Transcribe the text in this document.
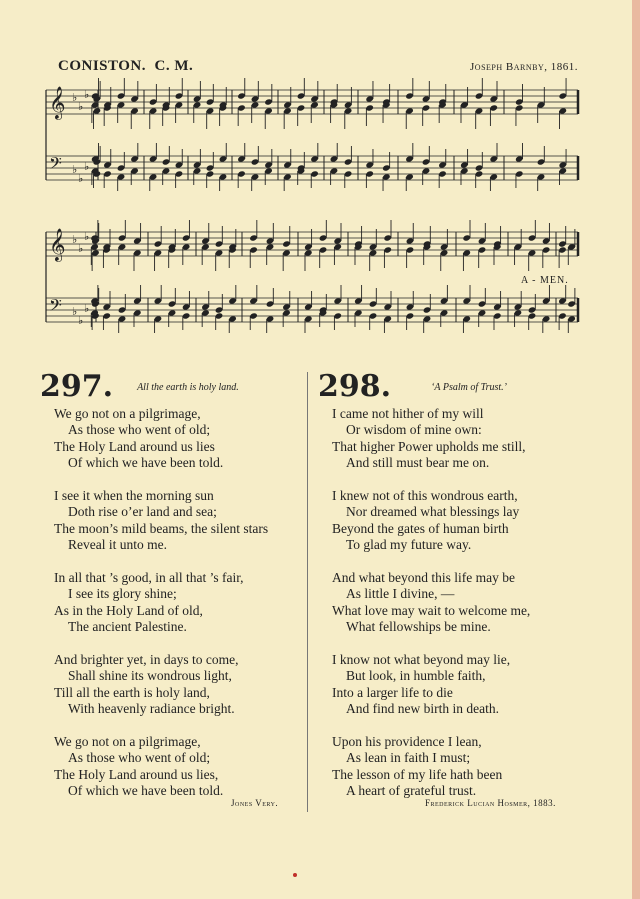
CONISTON. C. M.	Joseph Barnby, 1861.
𝄞
𝄢
♭
♭
♭
♭
♭
♭
𝄞
𝄢
♭
♭
♭
♭
♭
♭
A - MEN.
297. All the earth is holy land.
We go not on a pilgrimage,
As those who went of old;
The Holy Land around us lies
Of which we have been told.
I see it when the morning sun
Doth rise o’er land and sea;
The moon’s mild beams, the silent stars
Reveal it unto me.
In all that ’s good, in all that ’s fair,
I see its glory shine;
As in the Holy Land of old,
The ancient Palestine.
And brighter yet, in days to come,
Shall shine its wondrous light,
Till all the earth is holy land,
With heavenly radiance bright.
We go not on a pilgrimage,
As those who went of old;
The Holy Land around us lies,
Of which we have been told.
298.	‘A Psalm of Trust.’
I came not hither of my will
Or wisdom of mine own:
That higher Power upholds me still,
And still must bear me on.
I knew not of this wondrous earth,
Nor dreamed what blessings lay
Beyond the gates of human birth
To glad my future way.
And what beyond this life may be
As little I divine, —
What love may wait to welcome me,
What fellowships be mine.
I know not what beyond may lie,
But look, in humble faith,
Into a larger life to die
And find new birth in death.
Upon his providence I lean,
As lean in faith I must;
The lesson of my life hath been
A heart of grateful trust.
Jones Very.	Frederick Lucian Hosmer, 1883.
